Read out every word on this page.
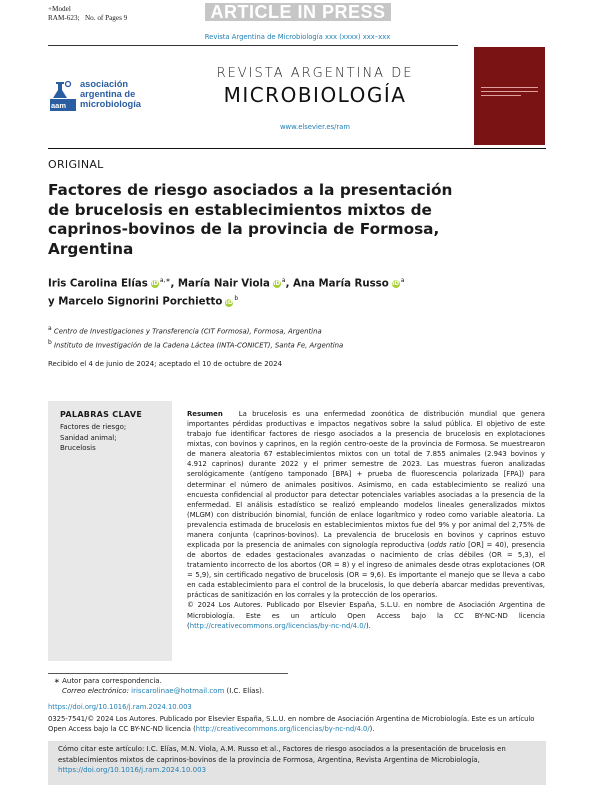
+Model
RAM-623; No. of Pages 9	ARTICLE IN PRESS
Revista Argentina de Microbiología xxx (xxxx) xxx–xxx
aam
asociación
argentina de
microbiología
REVISTA ARGENTINA DE
MICROBIOLOGÍA
www.elsevier.es/ram
ORIGINAL
Factores de riesgo asociados a la presentación de brucelosis en establecimientos mixtos de caprinos-bovinos de la provincia de Formosa, Argentina
Iris Carolina Elías $iD^{a,∗}$, María Nair Viola $iD^a$, Ana María Russo $iD^a$
y Marcelo Signorini Porchietto $iD^b$
$^a$ Centro de Investigaciones y Transferencia (CIT Formosa), Formosa, Argentina
$^b$ Instituto de Investigación de la Cadena Láctea (INTA-CONICET), Santa Fe, Argentina
Recibido el 4 de junio de 2024; aceptado el 10 de octubre de 2024
PALABRAS CLAVE
Factores de riesgo;
Sanidad animal;
Brucelosis
Resumen La brucelosis es una enfermedad zoonótica de distribución mundial que genera importantes pérdidas productivas e impactos negativos sobre la salud pública. El objetivo de este trabajo fue identificar factores de riesgo asociados a la presencia de brucelosis en explotaciones mixtas, con bovinos y caprinos, en la región centro-oeste de la provincia de Formosa. Se muestrearon de manera aleatoria 67 establecimientos mixtos con un total de 7.855 animales (2.943 bovinos y 4.912 caprinos) durante 2022 y el primer semestre de 2023. Las muestras fueron analizadas serológicamente (antígeno tamponado [BPA] + prueba de fluorescencia polarizada [FPA]) para determinar el número de animales positivos. Asimismo, en cada establecimiento se realizó una encuesta confidencial al productor para detectar potenciales variables asociadas a la presencia de la enfermedad. El análisis estadístico se realizó empleando modelos lineales generalizados mixtos (MLGM) con distribución binomial, función de enlace logarítmico y rodeo como variable aleatoria. La prevalencia estimada de brucelosis en establecimientos mixtos fue del 9% y por animal del 2,75% de manera conjunta (caprinos-bovinos). La prevalencia de brucelosis en bovinos y caprinos estuvo explicada por la presencia de animales con signología reproductiva (odds ratio [OR] = 40), presencia de abortos de edades gestacionales avanzadas o nacimiento de crías débiles (OR = 5,3), el tratamiento incorrecto de los abortos (OR = 8) y el ingreso de animales desde otras explotaciones (OR = 5,9), sin certificado negativo de brucelosis (OR = 9,6). Es importante el manejo que se lleva a cabo en cada establecimiento para el control de la brucelosis, lo que debería abarcar medidas preventivas, prácticas de sanitización en los corrales y la protección de los operarios.
© 2024 Los Autores. Publicado por Elsevier España, S.L.U. en nombre de Asociación Argentina de Microbiología. Este es un artículo Open Access bajo la CC BY-NC-ND licencia (http://creativecommons.org/licencias/by-nc-nd/4.0/).
∗ Autor para correspondencia.
Correo electrónico: iriscarolinae@hotmail.com (I.C. Elías).
https://doi.org/10.1016/j.ram.2024.10.003
0325-7541/© 2024 Los Autores. Publicado por Elsevier España, S.L.U. en nombre de Asociación Argentina de Microbiología. Este es un artículo Open Access bajo la CC BY-NC-ND licencia (http://creativecommons.org/licencias/by-nc-nd/4.0/).
Cómo citar este artículo: I.C. Elías, M.N. Viola, A.M. Russo et al., Factores de riesgo asociados a la presentación de brucelosis en establecimientos mixtos de caprinos-bovinos de la provincia de Formosa, Argentina, Revista Argentina de Microbiología, https://doi.org/10.1016/j.ram.2024.10.003
